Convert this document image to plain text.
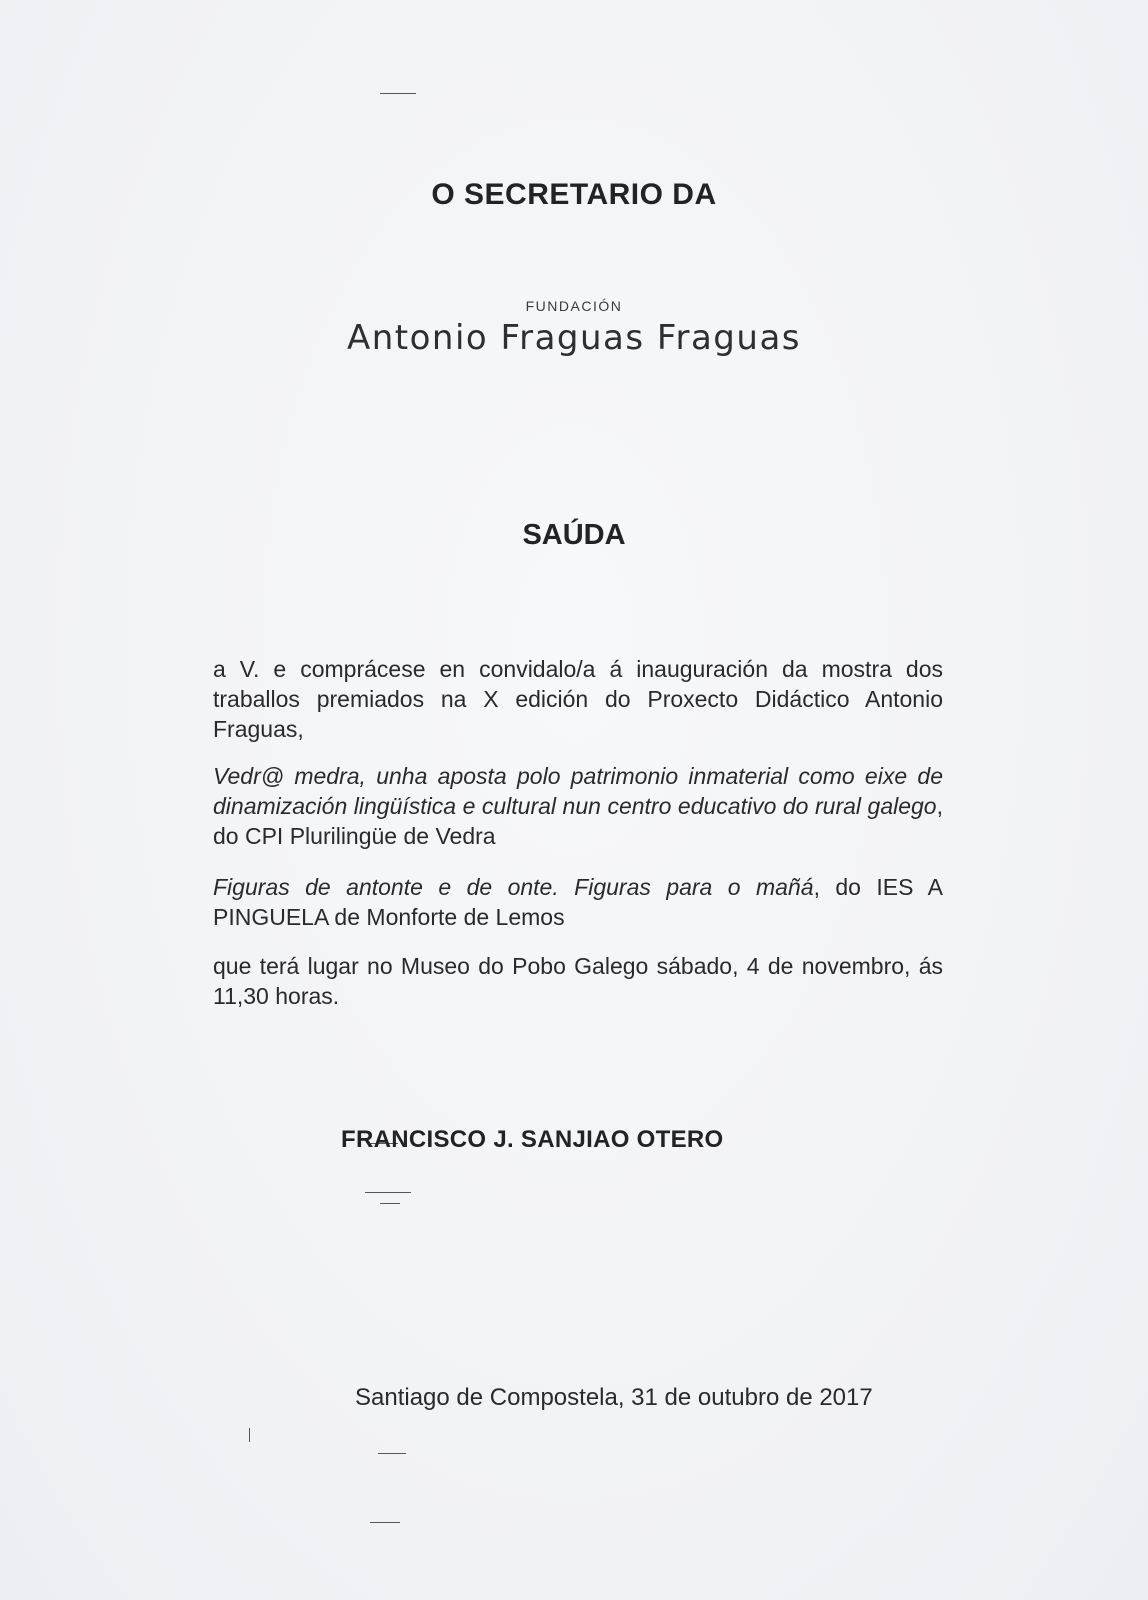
O SECRETARIO DA
FUNDACIÓN
Antonio Fraguas Fraguas
SAÚDA
a V. e comprácese en convidalo/a á inauguración da mostra dos traballos premiados na X edición do Proxecto Didáctico Antonio Fraguas,
Vedr@ medra, unha aposta polo patrimonio inmaterial como eixe de dinamización lingüística e cultural nun centro educativo do rural galego, do CPI Plurilingüe de Vedra
Figuras de antonte e de onte. Figuras para o mañá, do IES A PINGUELA de Monforte de Lemos
que terá lugar no Museo do Pobo Galego sábado, 4 de novembro, ás 11,30 horas.
FRANCISCO J. SANJIAO OTERO
Santiago de Compostela, 31 de outubro de 2017
